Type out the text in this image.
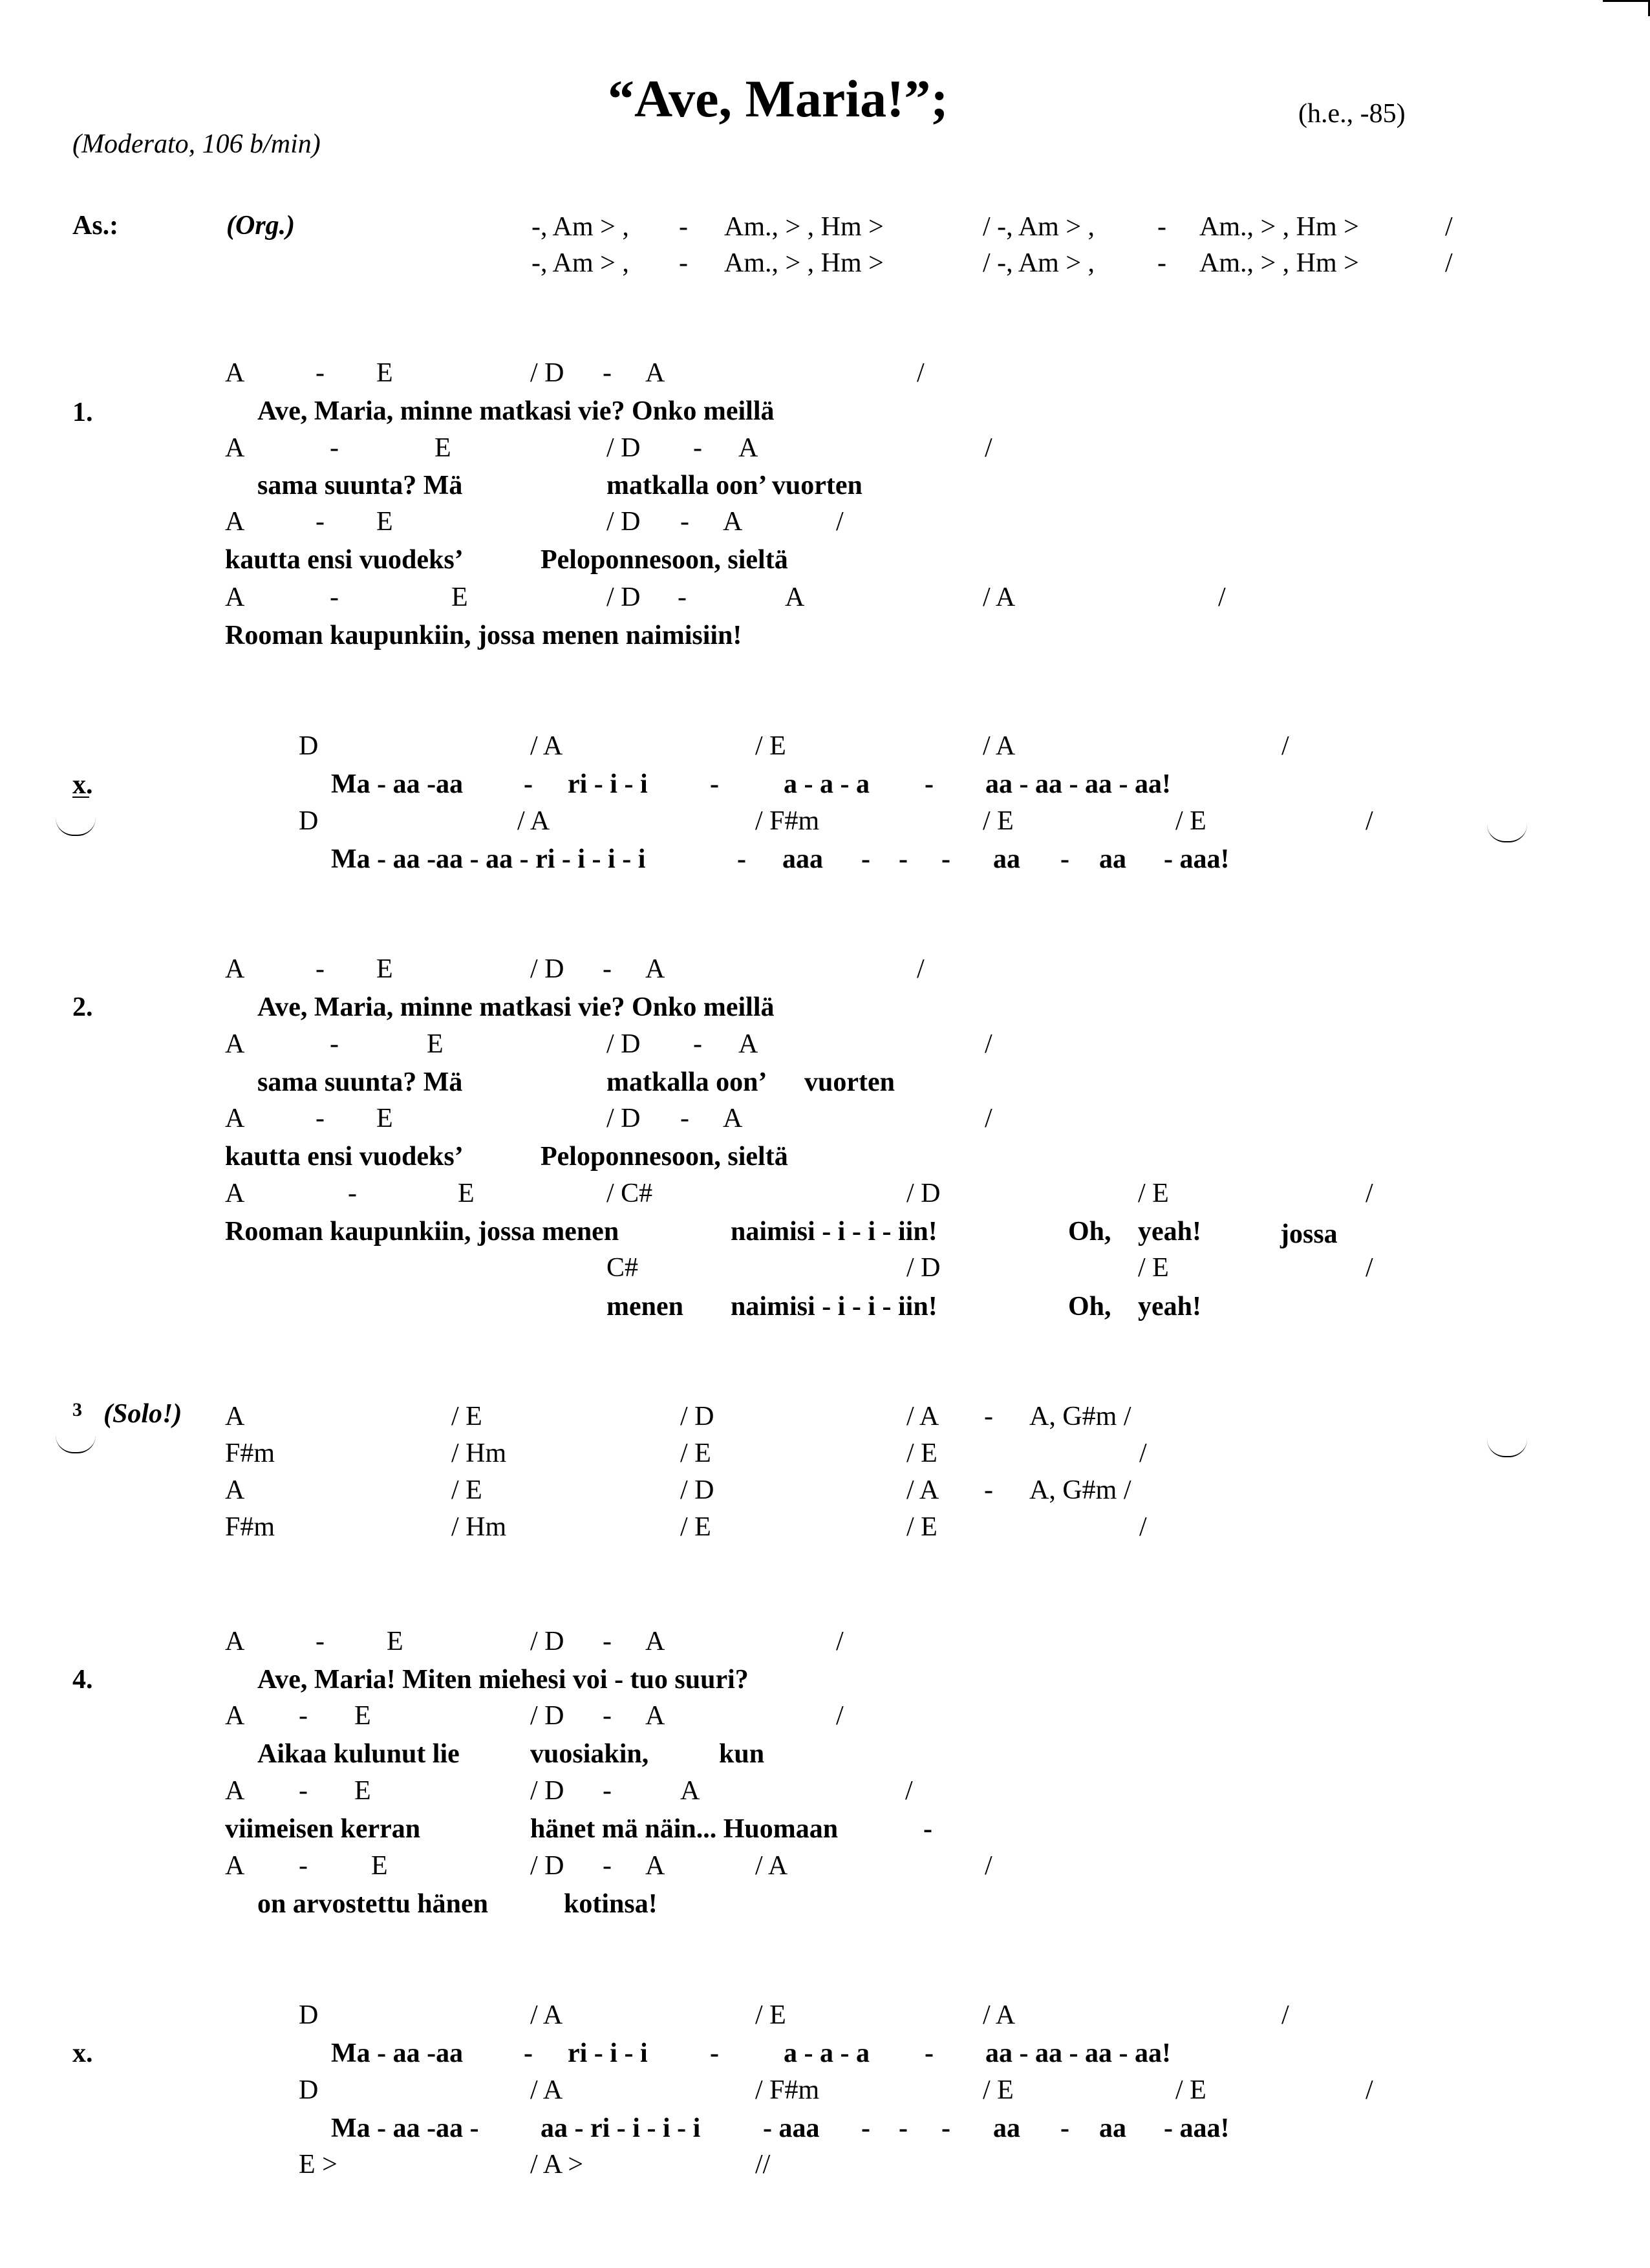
“Ave, Maria!”;
(Moderato, 106 b/min)
(h.e., -85)
As.:	(Org.)	-, Am > , - Am., > , Hm >	/ -, Am > , - Am., > , Hm >	/
-, Am > , - Am., > , Hm >	/ -, Am > , - Am., > , Hm >	/
1.
A	- E	/ D - A	/
Ave, Maria, minne matkasi vie? Onko meillä
A	-	E	/ D - A	/
sama suunta? Mä	matkalla oon’ vuorten
A	- E	/ D - A	/
kautta ensi vuodeks’	Peloponnesoon, sieltä
A	-	E	/ D -	A	/ A	/
Rooman kaupunkiin, jossa menen naimisiin!
x.
D	/ A	/ E	/ A	/
Ma - aa -aa - ri - i - i - a - a - a - aa - aa - aa - aa!
D	/ A	/ F#m	/ E	/ E	/
Ma - aa -aa - aa - ri - i - i - i	- aaa - - - aa - aa - aaa!
2.
A	- E	/ D - A	/
Ave, Maria, minne matkasi vie? Onko meillä
A	-	E	/ D - A	/
sama suunta? Mä	matkalla oon’ vuorten
A	- E	/ D - A	/
kautta ensi vuodeks’	Peloponnesoon, sieltä
A	-	E	/ C#	/ D	/ E	/
Rooman kaupunkiin, jossa menen	naimisi - i - i - iin!	Oh, yeah!	jossa
C#	/ D	/ E	/
menen naimisi - i - i - iin!	Oh, yeah!
3 (Solo!) A	/ E	/ D	/ A - A, G#m /
F#m	/ Hm	/ E	/ E	/
A	/ E	/ D	/ A - A, G#m /
F#m	/ Hm	/ E	/ E	/
4.
A	- E	/ D - A	/
Ave, Maria! Miten miehesi voi - tuo suuri?
A - E	/ D - A	/
Aikaa kulunut lie	vuosiakin,	kun
A - E	/ D -	A	/
viimeisen kerran	hänet mä näin... Huomaan	-
A - E	/ D - A	/ A	/
on arvostettu hänen	kotinsa!
x.
D	/ A	/ E	/ A	/
Ma - aa -aa - ri - i - i - a - a - a - aa - aa - aa - aa!
D	/ A	/ F#m	/ E	/ E	/
Ma - aa -aa - aa - ri - i - i - i - aaa - - - aa - aa - aaa!
E >	/ A >	//
